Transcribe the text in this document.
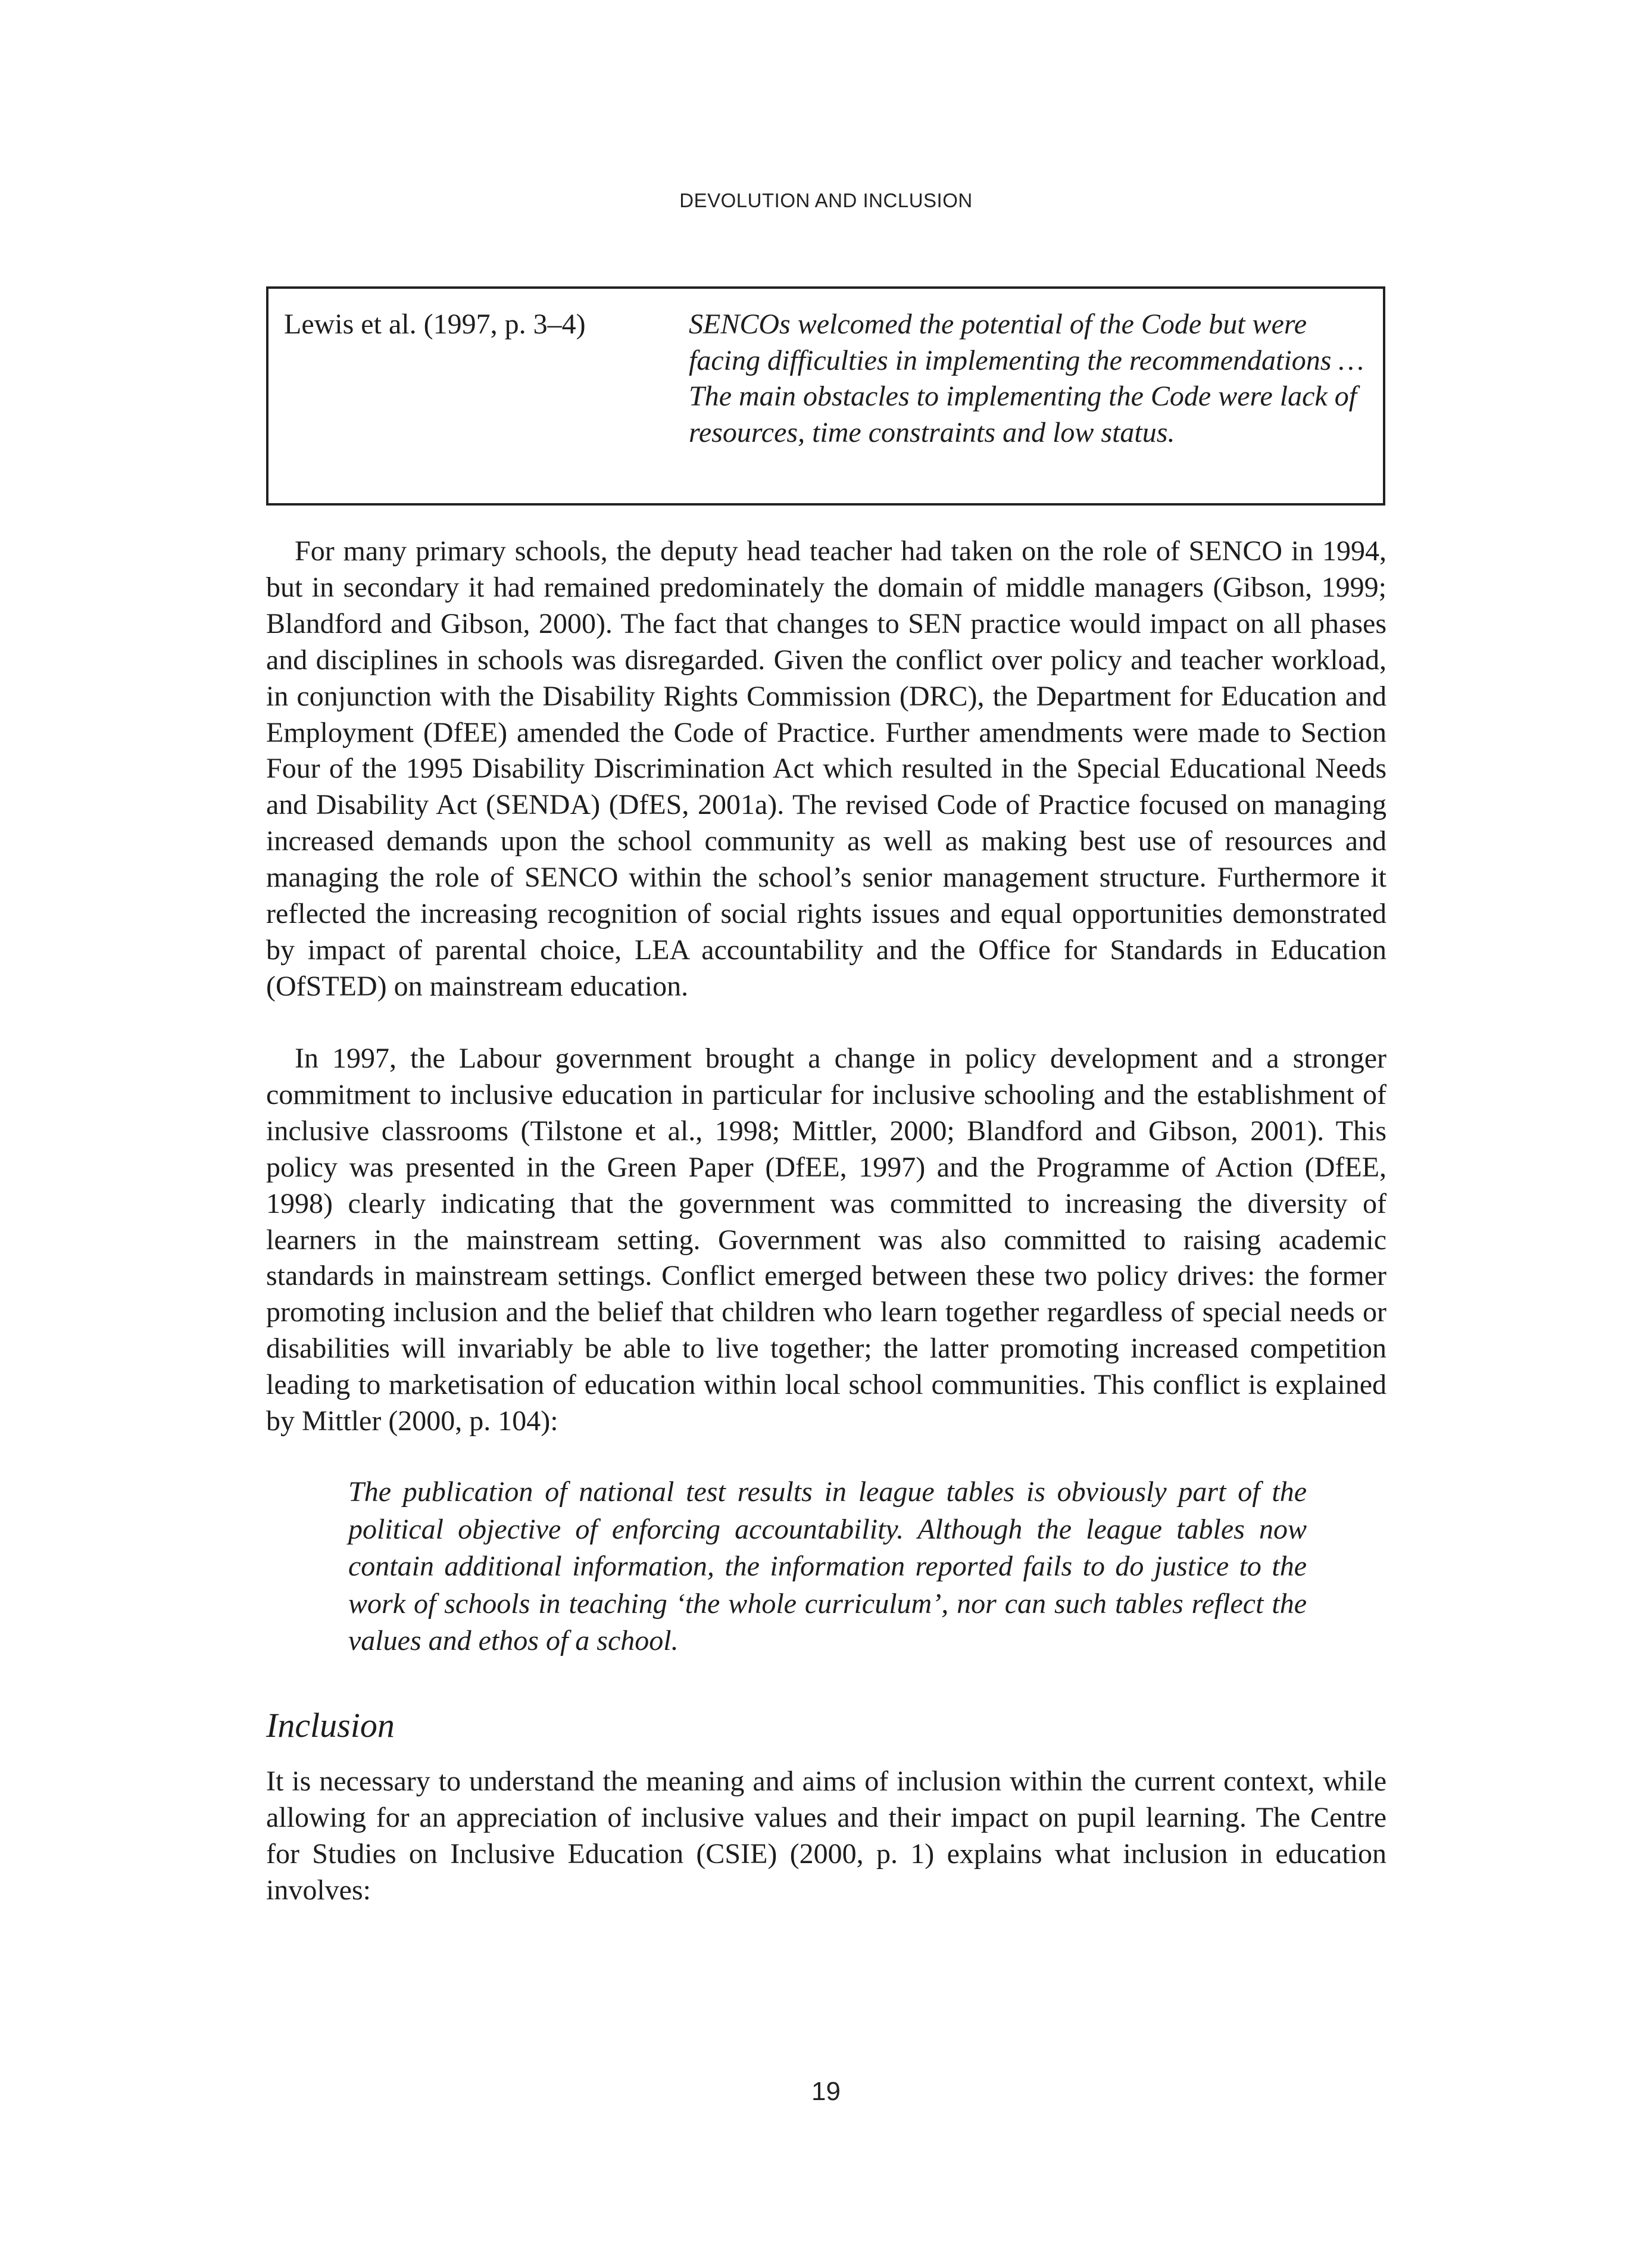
DEVOLUTION AND INCLUSION
Lewis et al. (1997, p. 3–4)	SENCOs welcomed the potential of the Code but were facing difficulties in implementing the recommendations … The main obstacles to implementing the Code were lack of resources, time constraints and low status.

For many primary schools, the deputy head teacher had taken on the role of SENCO in 1994, but in secondary it had remained predominately the domain of middle managers (Gibson, 1999; Blandford and Gibson, 2000). The fact that changes to SEN practice would impact on all phases and disciplines in schools was disregarded. Given the conflict over policy and teacher workload, in conjunction with the Disability Rights Commission (DRC), the Department for Education and Employment (DfEE) amended the Code of Practice. Further amendments were made to Section Four of the 1995 Disability Discrimination Act which resulted in the Special Educational Needs and Disability Act (SENDA) (DfES, 2001a). The revised Code of Practice focused on managing increased demands upon the school community as well as making best use of resources and managing the role of SENCO within the school’s senior management structure. Furthermore it reflected the increasing recognition of social rights issues and equal opportunities demonstrated by impact of parental choice, LEA accountability and the Office for Standards in Education (OfSTED) on mainstream education.

In 1997, the Labour government brought a change in policy development and a stronger commitment to inclusive education in particular for inclusive schooling and the establishment of inclusive classrooms (Tilstone et al., 1998; Mittler, 2000; Blandford and Gibson, 2001). This policy was presented in the Green Paper (DfEE, 1997) and the Programme of Action (DfEE, 1998) clearly indicating that the government was committed to increasing the diversity of learners in the mainstream setting. Government was also committed to raising academic standards in mainstream settings. Conflict emerged between these two policy drives: the former promoting inclusion and the belief that children who learn together regardless of special needs or disabilities will invariably be able to live together; the latter promoting increased competition leading to marketisation of education within local school communities. This conflict is explained by Mittler (2000, p. 104):

The publication of national test results in league tables is obviously part of the political objective of enforcing accountability. Although the league tables now contain additional information, the information reported fails to do justice to the work of schools in teaching ‘the whole curriculum’, nor can such tables reflect the values and ethos of a school.
Inclusion

It is necessary to understand the meaning and aims of inclusion within the current context, while allowing for an appreciation of inclusive values and their impact on pupil learning. The Centre for Studies on Inclusive Education (CSIE) (2000, p. 1) explains what inclusion in education involves:

19
